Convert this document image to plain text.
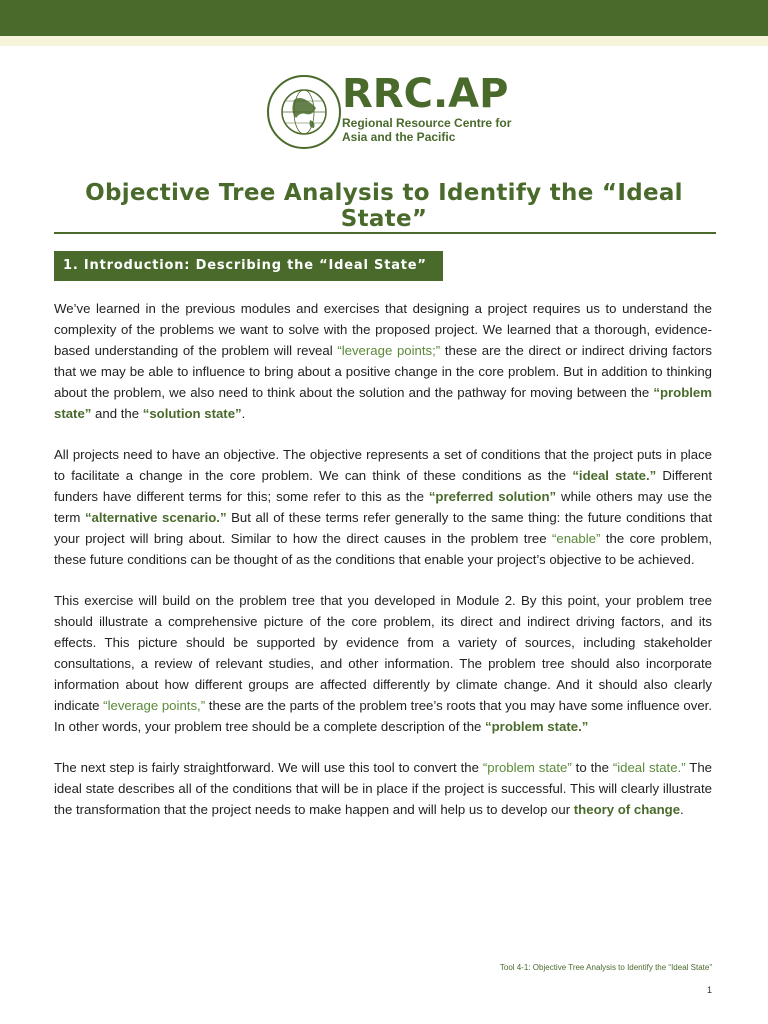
RRC.AP
Regional Resource Centre for
Asia and the Pacific
Objective Tree Analysis to Identify the “Ideal State”
1. Introduction: Describing the “Ideal State”

We’ve learned in the previous modules and exercises that designing a project requires us to understand the complexity of the problems we want to solve with the proposed project. We learned that a thorough, evidence-based understanding of the problem will reveal “leverage points;” these are the direct or indirect driving factors that we may be able to influence to bring about a positive change in the core problem. But in addition to thinking about the problem, we also need to think about the solution and the pathway for moving between the “problem state” and the “solution state”.

All projects need to have an objective. The objective represents a set of conditions that the project puts in place to facilitate a change in the core problem. We can think of these conditions as the “ideal state.” Different funders have different terms for this; some refer to this as the “preferred solution” while others may use the term “alternative scenario.” But all of these terms refer generally to the same thing: the future conditions that your project will bring about. Similar to how the direct causes in the problem tree “enable” the core problem, these future conditions can be thought of as the conditions that enable your project’s objective to be achieved.

This exercise will build on the problem tree that you developed in Module 2. By this point, your problem tree should illustrate a comprehensive picture of the core problem, its direct and indirect driving factors, and its effects. This picture should be supported by evidence from a variety of sources, including stakeholder consultations, a review of relevant studies, and other information. The problem tree should also incorporate information about how different groups are affected differently by climate change. And it should also clearly indicate “leverage points,” these are the parts of the problem tree’s roots that you may have some influence over. In other words, your problem tree should be a complete description of the “problem state.”

The next step is fairly straightforward. We will use this tool to convert the “problem state” to the “ideal state.” The ideal state describes all of the conditions that will be in place if the project is successful. This will clearly illustrate the transformation that the project needs to make happen and will help us to develop our theory of change.

Tool 4-1: Objective Tree Analysis to Identify the “Ideal State”
1
